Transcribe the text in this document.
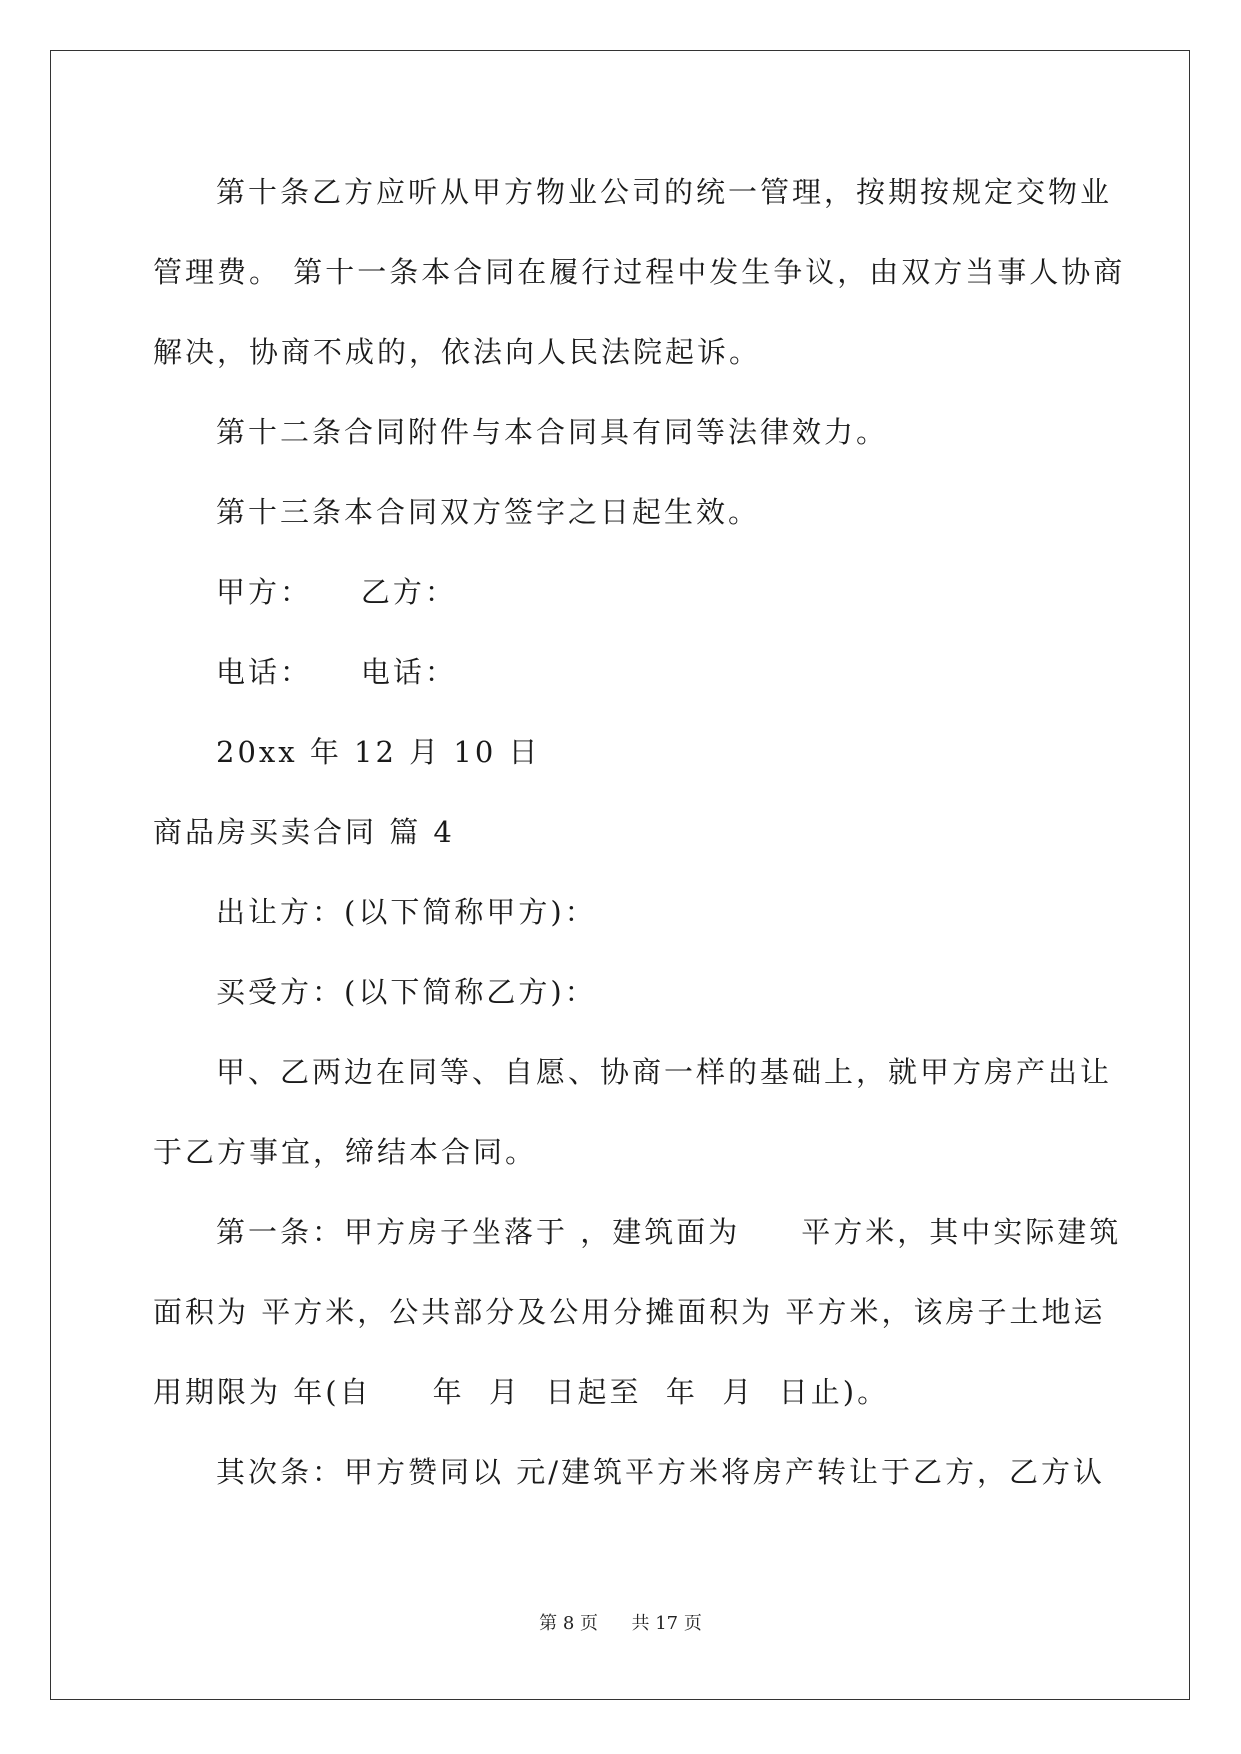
第十条乙方应听从甲方物业公司的统一管理，按期按规定交物业
管理费。 第十一条本合同在履行过程中发生争议，由双方当事人协商
解决，协商不成的，依法向人民法院起诉。
第十二条合同附件与本合同具有同等法律效力。
第十三条本合同双方签字之日起生效。
甲方：    乙方：
电话：    电话：
20xx 年 12 月 10 日
商品房买卖合同 篇 4
出让方：(以下简称甲方)：
买受方：(以下简称乙方)：
甲、乙两边在同等、自愿、协商一样的基础上，就甲方房产出让
于乙方事宜，缔结本合同。
第一条：甲方房子坐落于 ，建筑面为     平方米，其中实际建筑
面积为 平方米，公共部分及公用分摊面积为 平方米，该房子土地运
用期限为 年(自     年  月  日起至  年  月  日止)。
其次条：甲方赞同以 元/建筑平方米将房产转让于乙方，乙方认
第 8 页 共 17 页
